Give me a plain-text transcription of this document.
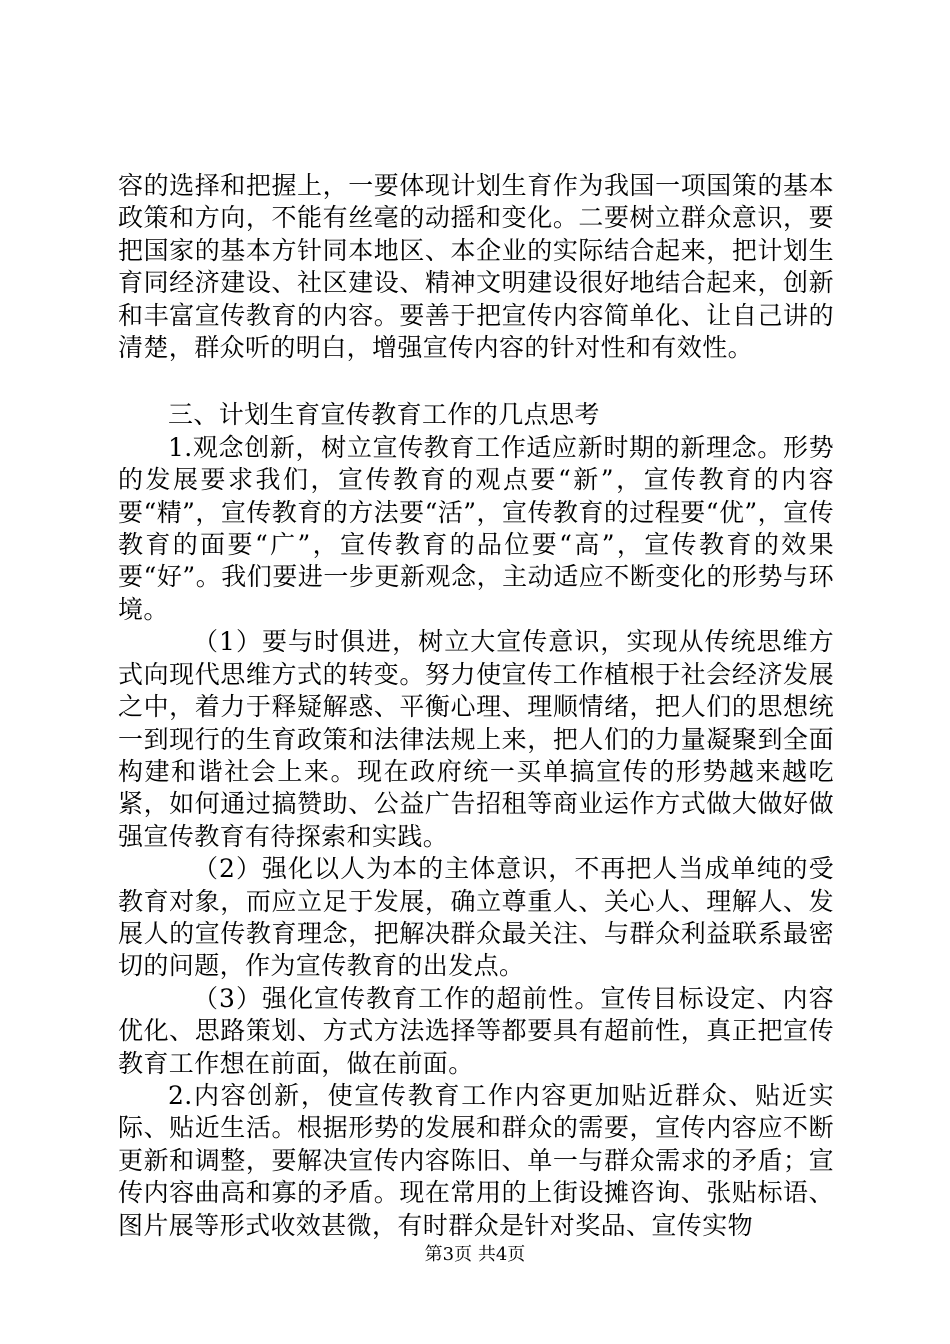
容的选择和把握上，一要体现计划生育作为我国一项国策的基本政策和方向，不能有丝毫的动摇和变化。二要树立群众意识，要把国家的基本方针同本地区、本企业的实际结合起来，把计划生育同经济建设、社区建设、精神文明建设很好地结合起来，创新和丰富宣传教育的内容。要善于把宣传内容简单化、让自己讲的清楚，群众听的明白，增强宣传内容的针对性和有效性。

三、计划生育宣传教育工作的几点思考

1.观念创新，树立宣传教育工作适应新时期的新理念。形势的发展要求我们，宣传教育的观点要“新”，宣传教育的内容要“精”，宣传教育的方法要“活”，宣传教育的过程要“优”，宣传教育的面要“广”，宣传教育的品位要“高”，宣传教育的效果要“好”。我们要进一步更新观念，主动适应不断变化的形势与环境。

（1）要与时俱进，树立大宣传意识，实现从传统思维方式向现代思维方式的转变。努力使宣传工作植根于社会经济发展之中，着力于释疑解惑、平衡心理、理顺情绪，把人们的思想统一到现行的生育政策和法律法规上来，把人们的力量凝聚到全面构建和谐社会上来。现在政府统一买单搞宣传的形势越来越吃紧，如何通过搞赞助、公益广告招租等商业运作方式做大做好做强宣传教育有待探索和实践。

（2）强化以人为本的主体意识，不再把人当成单纯的受教育对象，而应立足于发展，确立尊重人、关心人、理解人、发展人的宣传教育理念，把解决群众最关注、与群众利益联系最密切的问题，作为宣传教育的出发点。

（3）强化宣传教育工作的超前性。宣传目标设定、内容优化、思路策划、方式方法选择等都要具有超前性，真正把宣传教育工作想在前面，做在前面。

2.内容创新，使宣传教育工作内容更加贴近群众、贴近实际、贴近生活。根据形势的发展和群众的需要，宣传内容应不断更新和调整，要解决宣传内容陈旧、单一与群众需求的矛盾；宣传内容曲高和寡的矛盾。现在常用的上街设摊咨询、张贴标语、图片展等形式收效甚微，有时群众是针对奖品、宣传实物

第3页 共4页
